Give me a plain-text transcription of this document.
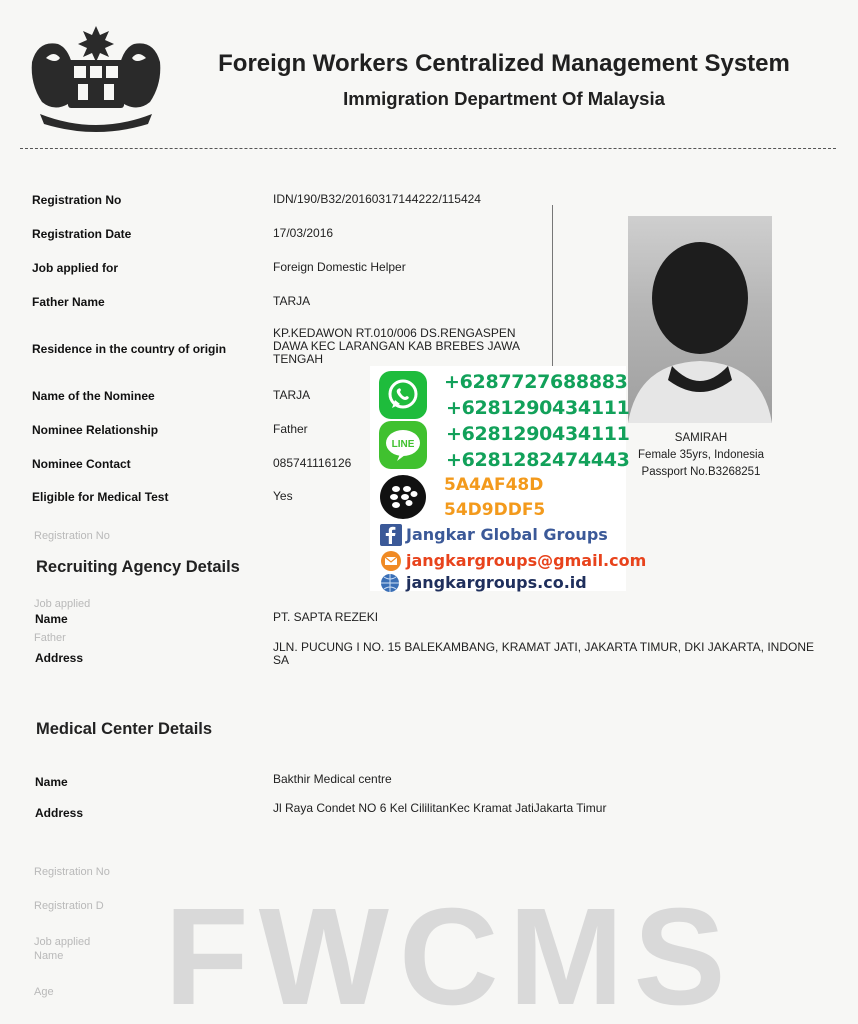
Foreign Workers Centralized Management System
Immigration Department Of Malaysia
Registration No	IDN/190/B32/20160317144222/115424
Registration Date	17/03/2016
Job applied for	Foreign Domestic Helper
Father Name	TARJA
Residence in the country of origin
KP.KEDAWON RT.010/006 DS.RENGASPEN
DAWA KEC LARANGAN KAB BREBES JAWA
TENGAH
Name of the Nominee	TARJA
Nominee Relationship	Father
Nominee Contact	085741116126
Eligible for Medical Test	Yes
SAMIRAH
Female 35yrs, Indonesia
Passport No.B3268251
Registration No
Job applied
Father
Recruiting Agency Details
Name	PT. SAPTA REZEKI
Address
JLN. PUCUNG I NO. 15 BALEKAMBANG, KRAMAT JATI, JAKARTA TIMUR, DKI JAKARTA, INDONE
SA
Medical Center Details
Name	Bakthir Medical centre
Address	Jl Raya Condet NO 6 Kel CililitanKec Kramat JatiJakarta Timur
Registration No
Registration D
Job applied
Name
Age FWCMS
LINE
+6287727688883
+6281290434111
+6281290434111
+6281282474443
5A4AF48D
54D9DDF5
Jangkar Global Groups
jangkargroups@gmail.com
jangkargroups.co.id
